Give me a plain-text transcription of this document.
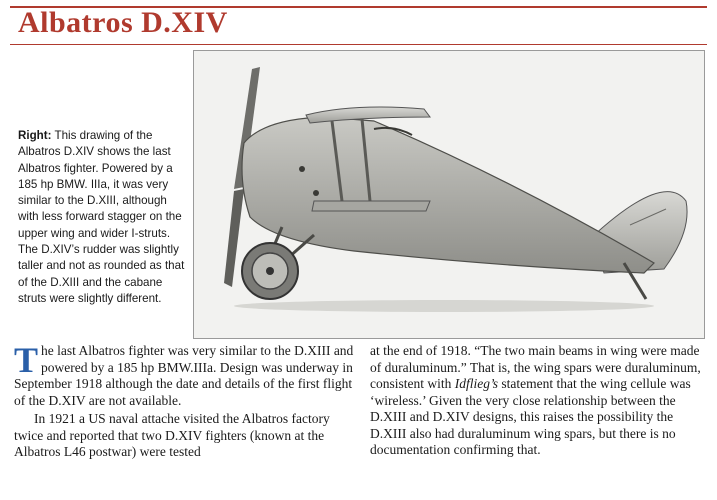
Albatros D.XIV
Right: This drawing of the Albatros D.XIV shows the last Albatros fighter. Powered by a 185 hp BMW. IIIa, it was very similar to the D.XIII, although with less forward stagger on the upper wing and wider I-struts. The D.XIV’s rudder was slightly taller and not as rounded as that of the D.XIII and the cabane struts were slightly different.

The last Albatros fighter was very similar to the D.XIII and powered by a 185 hp BMW.IIIa. Design was underway in September 1918 although the date and details of the first flight of the D.XIV are not available.

In 1921 a US naval attache visited the Albatros factory twice and reported that two D.XIV fighters (known at the Albatros L46 postwar) were tested

at the end of 1918. “The two main beams in wing were made of duraluminum.” That is, the wing spars were duraluminum, consistent with Idflieg’s statement that the wing cellule was ‘wireless.’ Given the very close relationship between the D.XIII and D.XIV designs, this raises the possibility the D.XIII also had duraluminum wing spars, but there is no documentation confirming that.
